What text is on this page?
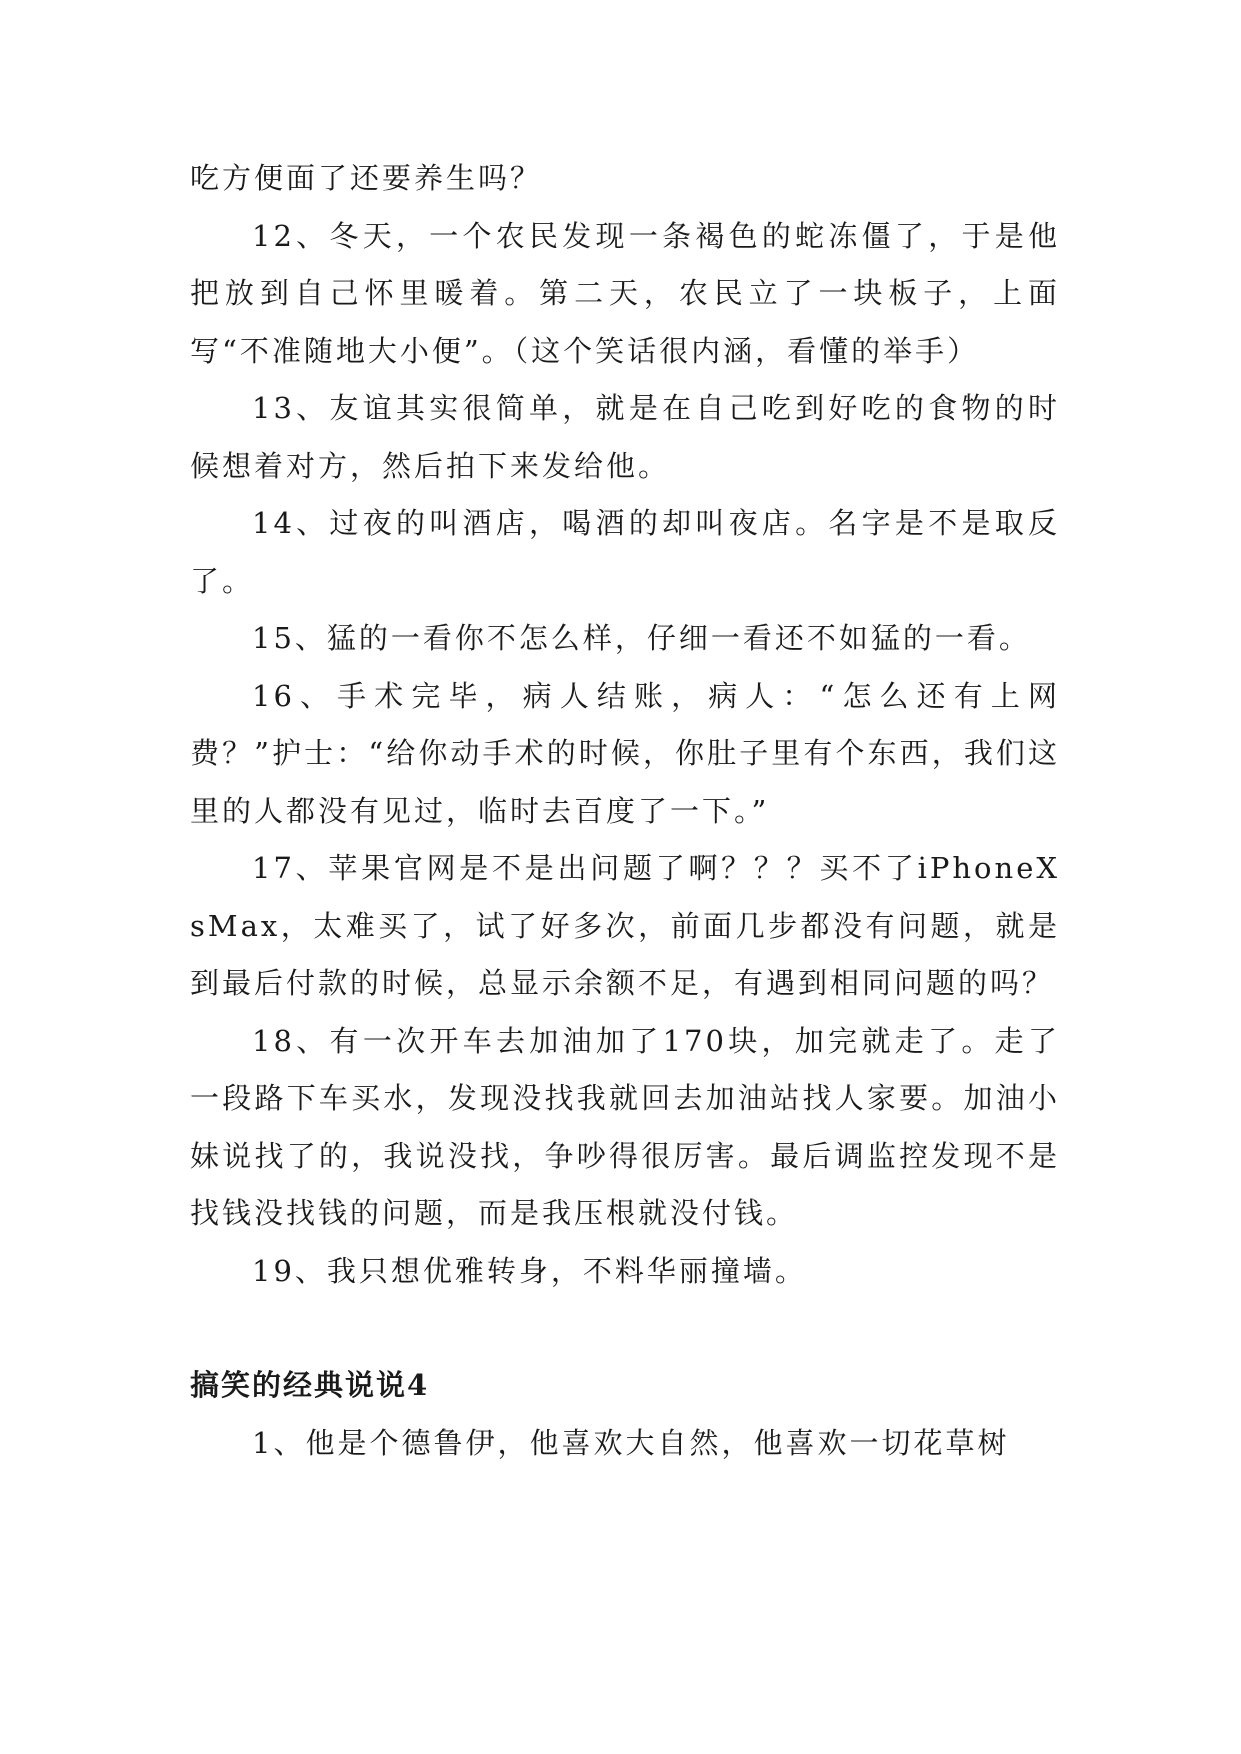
吃方便面了还要养生吗？

12、冬天，一个农民发现一条褐色的蛇冻僵了，于是他把放到自己怀里暖着。第二天，农民立了一块板子，上面写“不准随地大小便”。（这个笑话很内涵，看懂的举手）

13、友谊其实很简单，就是在自己吃到好吃的食物的时候想着对方，然后拍下来发给他。

14、过夜的叫酒店，喝酒的却叫夜店。名字是不是取反了。

15、猛的一看你不怎么样，仔细一看还不如猛的一看。

16、手术完毕，病人结账，病人：“怎么还有上网费？”护士：“给你动手术的时候，你肚子里有个东西，我们这里的人都没有见过，临时去百度了一下。”

17、苹果官网是不是出问题了啊？？？买不了iPhoneXsMax，太难买了，试了好多次，前面几步都没有问题，就是到最后付款的时候，总显示余额不足，有遇到相同问题的吗？

18、有一次开车去加油加了170块，加完就走了。走了一段路下车买水，发现没找我就回去加油站找人家要。加油小妹说找了的，我说没找，争吵得很厉害。最后调监控发现不是找钱没找钱的问题，而是我压根就没付钱。

19、我只想优雅转身，不料华丽撞墙。

搞笑的经典说说4

1、他是个德鲁伊，他喜欢大自然，他喜欢一切花草树
